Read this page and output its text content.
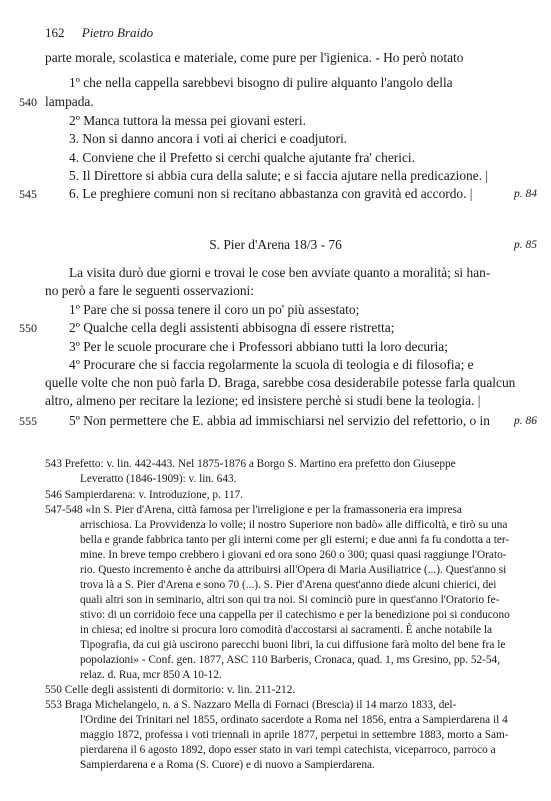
162 Pietro Braido
parte morale, scolastica e materiale, come pure per l'igienica. - Ho però notato
1º che nella cappella sarebbevi bisogno di pulire alquanto l'angolo della
lampada.
2º Manca tuttora la messa pei giovani esteri.
3. Non si danno ancora i voti ai cherici e coadjutori.
4. Conviene che il Prefetto si cerchi qualche ajutante fra' cherici.
5. Il Direttore si abbia cura della salute; e si faccia ajutare nella predicazione. |
6. Le preghiere comuni non si recitano abbastanza con gravità ed accordo. |
La visita durò due giorni e trovai le cose ben avviate quanto a moralità; si han-
no però a fare le seguenti osservazioni:
1º Pare che si possa tenere il coro un po' più assestato;
2º Qualche cella degli assistenti abbisogna di essere ristretta;
3º Per le scuole procurare che i Professori abbiano tutti la loro decuria;
4º Procurare che si faccia regolarmente la scuola di teologia e di filosofia; e
quelle volte che non può farla D. Braga, sarebbe cosa desiderabile potesse farla qualcun
altro, almeno per recitare la lezione; ed insistere perchè si studi bene la teologia. |
5º Non permettere che E. abbia ad immischiarsi nel servizio del refettorio, o in
540
545
550
555
p. 84
p. 85
p. 86
S. Pier d'Arena 18/3 - 76
543 Prefetto: v. lin. 442-443. Nel 1875-1876 a Borgo S. Martino era prefetto don Giuseppe
Leveratto (1846-1909): v. lin. 643.
546 Sampierdarena: v. Introduzione, p. 117.
547-548 «In S. Pier d'Arena, città famosa per l'irreligione e per la framassoneria era impresa
arrischiosa. La Provvidenza lo volle; il nostro Superiore non badò» alle difficoltà, e tirò su una
bella e grande fabbrica tanto per gli interni come per gli esterni; e due anni fa fu condotta a ter-
mine. In breve tempo crebbero i giovani ed ora sono 260 o 300; quasi quasi raggiunge l'Orato-
rio. Questo incremento è anche da attribuirsi all'Opera di Maria Ausiliatrice (...). Quest'anno si
trova là a S. Pier d'Arena e sono 70 (...). S. Pier d'Arena quest'anno diede alcuni chierici, dei
quali altri son in seminario, altri son qui tra noi. Si cominciò pure in quest'anno l'Oratorio fe-
stivo: di un corridoio fece una cappella per il catechismo e per la benedizione poi si conducono
in chiesa; ed inoltre si procura loro comodità d'accostarsi ai sacramenti. È anche notabile la
Tipografia, da cui già uscirono parecchi buoni libri, la cui diffusione farà molto del bene fra le
popolazioni» - Conf. gen. 1877, ASC 110 Barberis, Cronaca, quad. 1, ms Gresino, pp. 52-54,
relaz. d. Rua, mcr 850 A 10-12.
550 Celle degli assistenti di dormitorio: v. lin. 211-212.
553 Braga Michelangelo, n. a S. Nazzaro Mella di Fornaci (Brescia) il 14 marzo 1833, del-
l'Ordine dei Trinitari nel 1855, ordinato sacerdote a Roma nel 1856, entra a Sampierdarena il 4
maggio 1872, professa i voti triennali in aprile 1877, perpetui in settembre 1883, morto a Sam-
pierdarena il 6 agosto 1892, dopo esser stato in vari tempi catechista, viceparroco, parroco a
Sampierdarena e a Roma (S. Cuore) e di nuovo a Sampierdarena.
